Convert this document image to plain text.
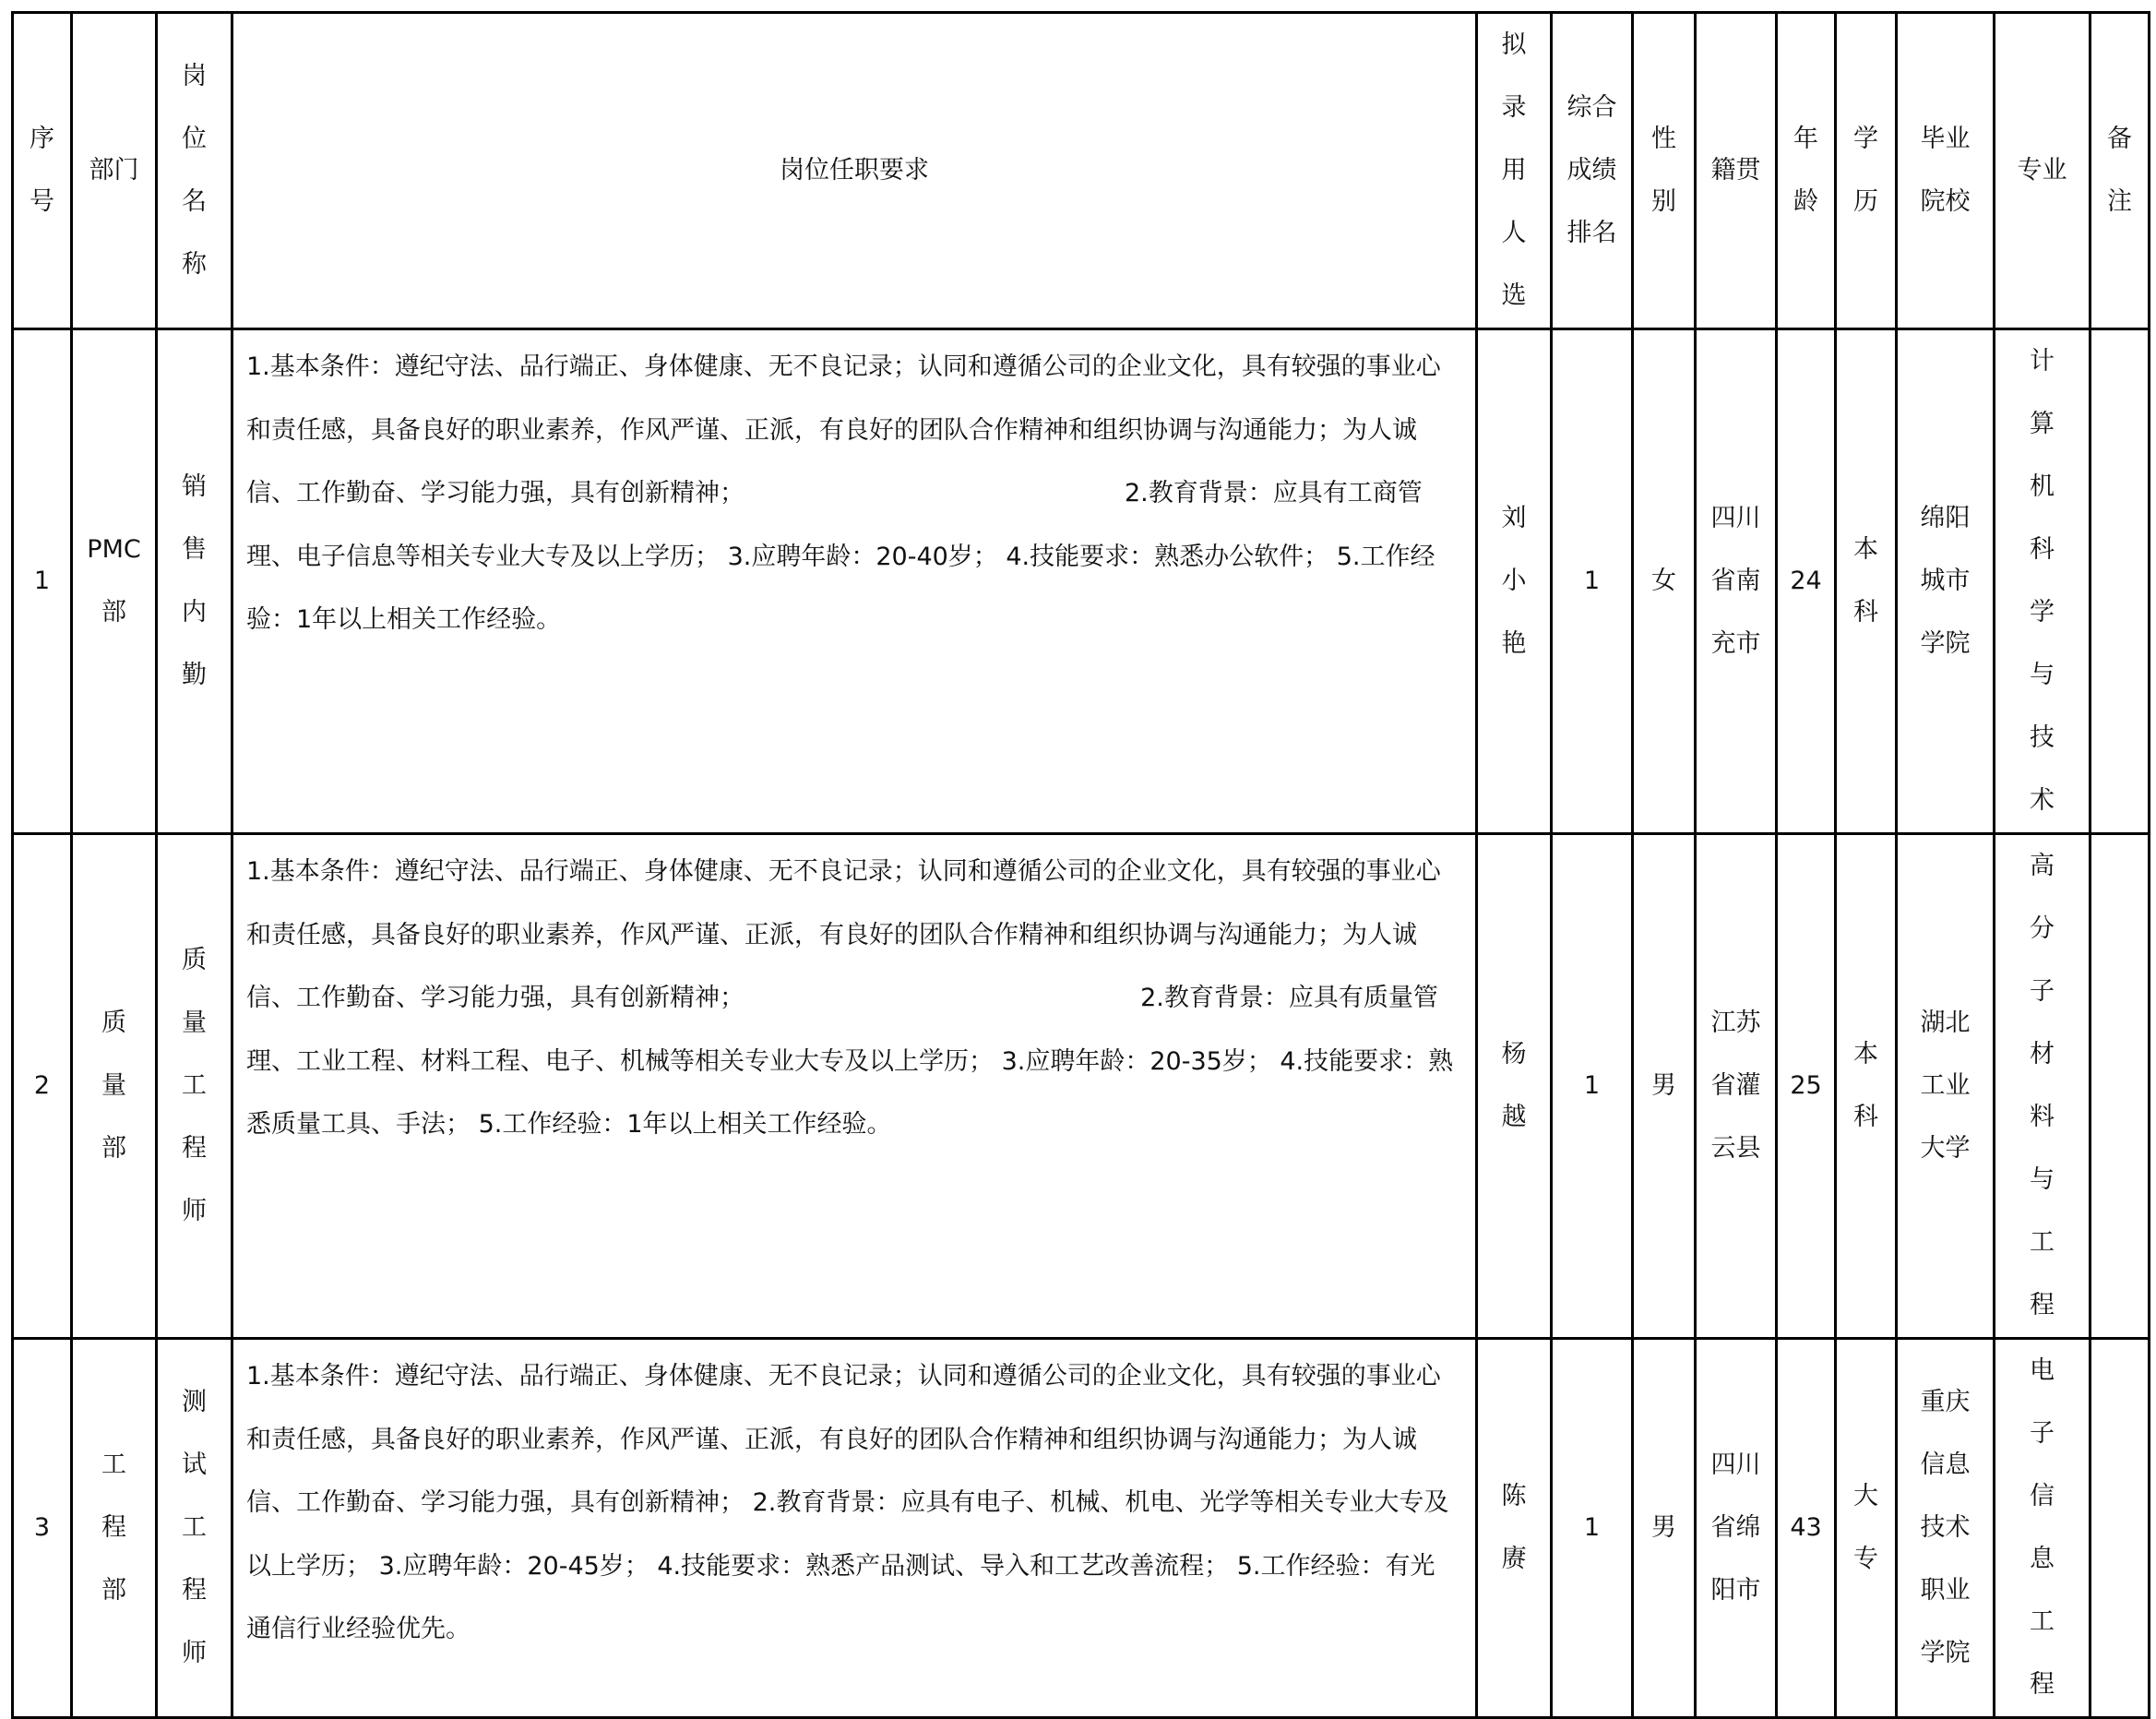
序号	部门	岗位名称	岗位任职要求	拟录用人选	综合成绩排名	性别	籍贯	年龄	学历	毕业院校	专业	备注
1	PMC部	销售内勤	1.基本条件：遵纪守法、品行端正、身体健康、无不良记录；认同和遵循公司的企业文化，具有较强的事业心和责任感，具备良好的职业素养，作风严谨、正派，有良好的团队合作精神和组织协调与沟通能力；为人诚信、工作勤奋、学习能力强，具有创新精神；                                                2.教育背景：应具有工商管理、电子信息等相关专业大专及以上学历； 3.应聘年龄：20-40岁； 4.技能要求：熟悉办公软件； 5.工作经验：1年以上相关工作经验。	刘小艳	1	女	四川省南充市	24	本科	绵阳城市学院	计算机科学与技术	
2	质量部	质量工程师	1.基本条件：遵纪守法、品行端正、身体健康、无不良记录；认同和遵循公司的企业文化，具有较强的事业心和责任感，具备良好的职业素养，作风严谨、正派，有良好的团队合作精神和组织协调与沟通能力；为人诚信、工作勤奋、学习能力强，具有创新精神；                                                  2.教育背景：应具有质量管理、工业工程、材料工程、电子、机械等相关专业大专及以上学历； 3.应聘年龄：20-35岁； 4.技能要求：熟悉质量工具、手法； 5.工作经验：1年以上相关工作经验。	杨越	1	男	江苏省灌云县	25	本科	湖北工业大学	高分子材料与工程	
3	工程部	测试工程师	1.基本条件：遵纪守法、品行端正、身体健康、无不良记录；认同和遵循公司的企业文化，具有较强的事业心和责任感，具备良好的职业素养，作风严谨、正派，有良好的团队合作精神和组织协调与沟通能力；为人诚信、工作勤奋、学习能力强，具有创新精神； 2.教育背景：应具有电子、机械、机电、光学等相关专业大专及以上学历； 3.应聘年龄：20-45岁； 4.技能要求：熟悉产品测试、导入和工艺改善流程； 5.工作经验：有光通信行业经验优先。	陈赓	1	男	四川省绵阳市	43	大专	重庆信息技术职业学院	电子信息工程	
